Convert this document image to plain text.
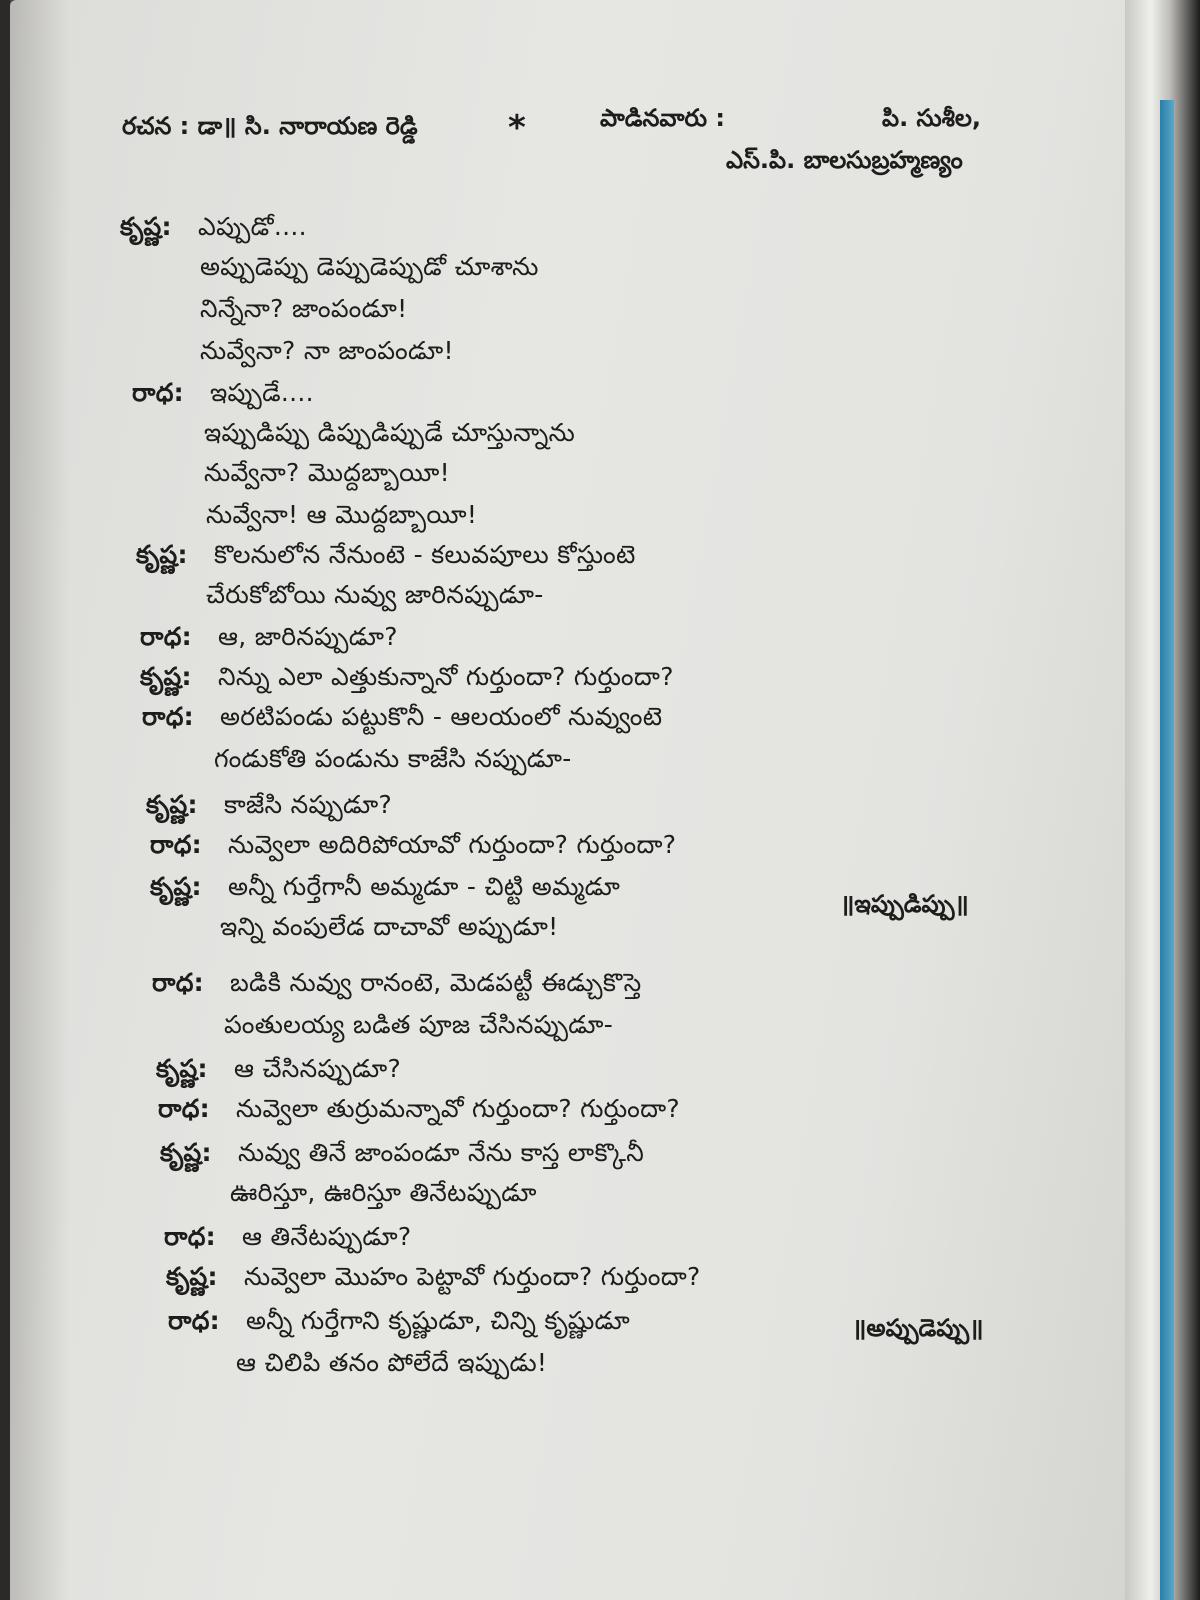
రచన : డా॥ సి. నారాయణ రెడ్డి	*	పాడినవారు :	పి. సుశీల,
ఎస్.పి. బాలసుబ్రహ్మణ్యం
కృష్ణ: ఎప్పుడో....
అప్పుడెప్పు డెప్పుడెప్పుడో చూశాను
నిన్నేనా? జాంపండూ!
నువ్వేనా? నా జాంపండూ!
రాధ: ఇప్పుడే....
ఇప్పుడిప్పు డిప్పుడిప్పుడే చూస్తున్నాను
నువ్వేనా? మొద్దబ్బాయీ!
నువ్వేనా! ఆ మొద్దబ్బాయీ!
కృష్ణ: కొలనులోన నేనుంటె - కలువపూలు కోస్తుంటె
చేరుకోబోయి నువ్వు జారినప్పుడూ-
రాధ: ఆ, జారినప్పుడూ?
కృష్ణ: నిన్ను ఎలా ఎత్తుకున్నానో గుర్తుందా? గుర్తుందా?
రాధ: అరటిపండు పట్టుకొనీ - ఆలయంలో నువ్వుంటె
గండుకోతి పండును కాజేసి నప్పుడూ-
కృష్ణ: కాజేసి నప్పుడూ?
రాధ: నువ్వెలా అదిరిపోయావో గుర్తుందా? గుర్తుందా?
కృష్ణ: అన్నీ గుర్తేగానీ అమ్మడూ - చిట్టి అమ్మడూ
ఇన్ని వంపులేడ దాచావో అప్పుడూ!
రాధ: బడికి నువ్వు రానంటె, మెడపట్టీ ఈడ్చుకొస్తె
పంతులయ్య బడిత పూజ చేసినప్పుడూ-
కృష్ణ: ఆ చేసినప్పుడూ?
రాధ: నువ్వెలా తుర్రుమన్నావో గుర్తుందా? గుర్తుందా?
కృష్ణ: నువ్వు తినే జాంపండూ నేను కాస్త లాక్కొనీ
ఊరిస్తూ, ఊరిస్తూ తినేటప్పుడూ
రాధ: ఆ తినేటప్పుడూ?
కృష్ణ: నువ్వెలా మొహం పెట్టావో గుర్తుందా? గుర్తుందా?
రాధ: అన్నీ గుర్తేగాని కృష్ణుడూ, చిన్ని కృష్ణుడూ
ఆ చిలిపి తనం పోలేదే ఇప్పుడు!
॥ఇప్పుడిప్పు॥
॥అప్పుడెప్పు॥
